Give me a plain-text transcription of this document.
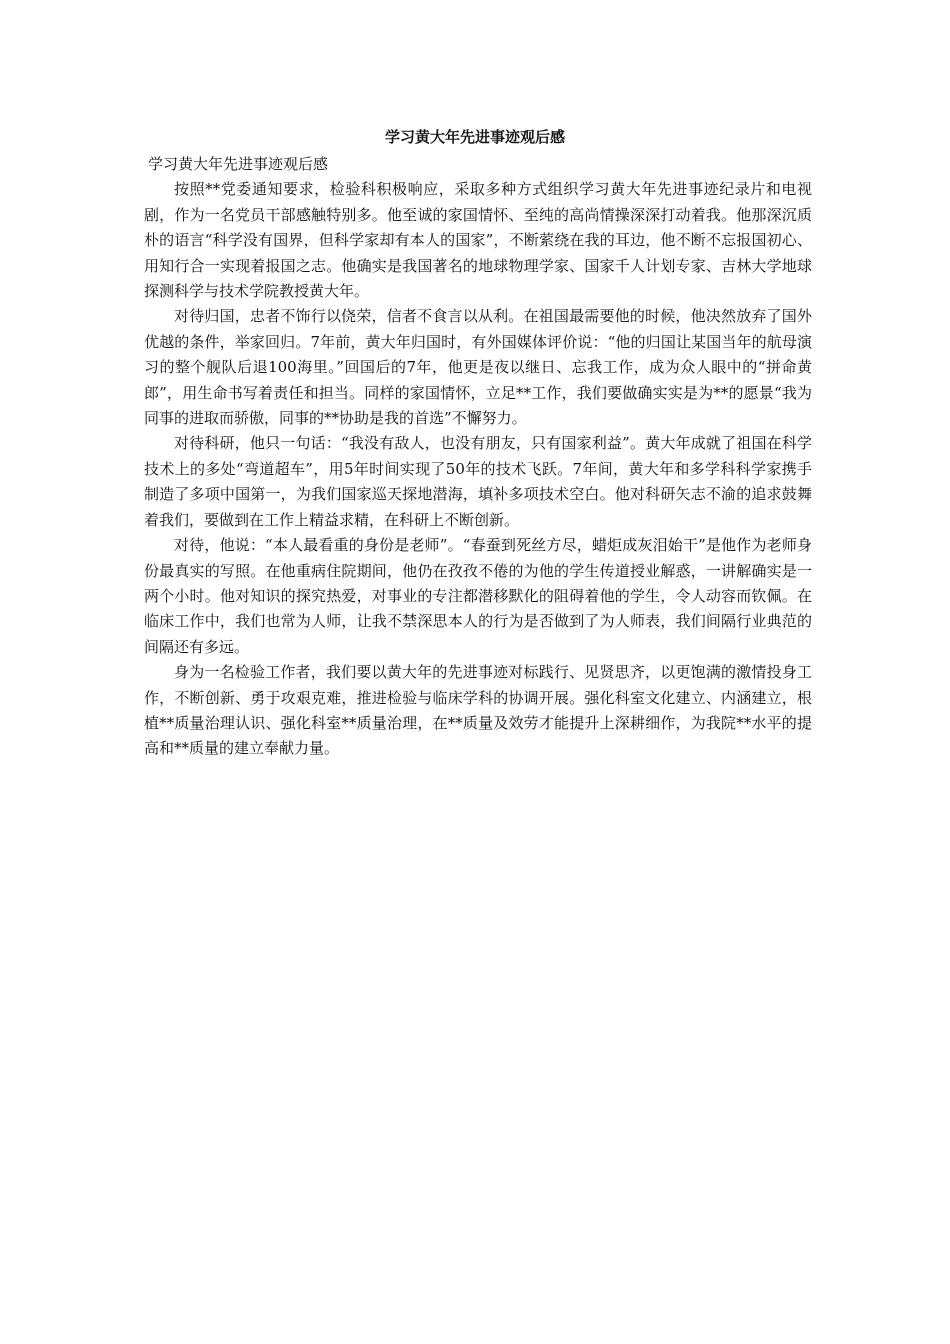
学习黄大年先进事迹观后感

学习黄大年先进事迹观后感

按照**党委通知要求，检验科积极响应，采取多种方式组织学习黄大年先进事迹纪录片和电视剧，作为一名党员干部感触特别多。他至诚的家国情怀、至纯的高尚情操深深打动着我。他那深沉质朴的语言“科学没有国界，但科学家却有本人的国家”，不断萦绕在我的耳边，他不断不忘报国初心、用知行合一实现着报国之志。他确实是我国著名的地球物理学家、国家千人计划专家、吉林大学地球探测科学与技术学院教授黄大年。

对待归国，忠者不饰行以侥荣，信者不食言以从利。在祖国最需要他的时候，他决然放弃了国外优越的条件，举家回归。7年前，黄大年归国时，有外国媒体评价说：“他的归国让某国当年的航母演习的整个舰队后退100海里。”回国后的7年，他更是夜以继日、忘我工作，成为众人眼中的“拼命黄郎”，用生命书写着责任和担当。同样的家国情怀，立足**工作，我们要做确实实是为**的愿景“我为同事的进取而骄傲，同事的**协助是我的首选”不懈努力。

对待科研，他只一句话：“我没有敌人，也没有朋友，只有国家利益”。黄大年成就了祖国在科学技术上的多处“弯道超车”，用5年时间实现了50年的技术飞跃。7年间，黄大年和多学科科学家携手制造了多项中国第一，为我们国家巡天探地潜海，填补多项技术空白。他对科研矢志不渝的追求鼓舞着我们，要做到在工作上精益求精，在科研上不断创新。

对待，他说：“本人最看重的身份是老师”。“春蚕到死丝方尽，蜡炬成灰泪始干”是他作为老师身份最真实的写照。在他重病住院期间，他仍在孜孜不倦的为他的学生传道授业解惑，一讲解确实是一两个小时。他对知识的探究热爱，对事业的专注都潜移默化的阻碍着他的学生，令人动容而钦佩。在临床工作中，我们也常为人师，让我不禁深思本人的行为是否做到了为人师表，我们间隔行业典范的间隔还有多远。

身为一名检验工作者，我们要以黄大年的先进事迹对标践行、见贤思齐，以更饱满的激情投身工作，不断创新、勇于攻艰克难，推进检验与临床学科的协调开展。强化科室文化建立、内涵建立，根植**质量治理认识、强化科室**质量治理，在**质量及效劳才能提升上深耕细作，为我院**水平的提高和**质量的建立奉献力量。
